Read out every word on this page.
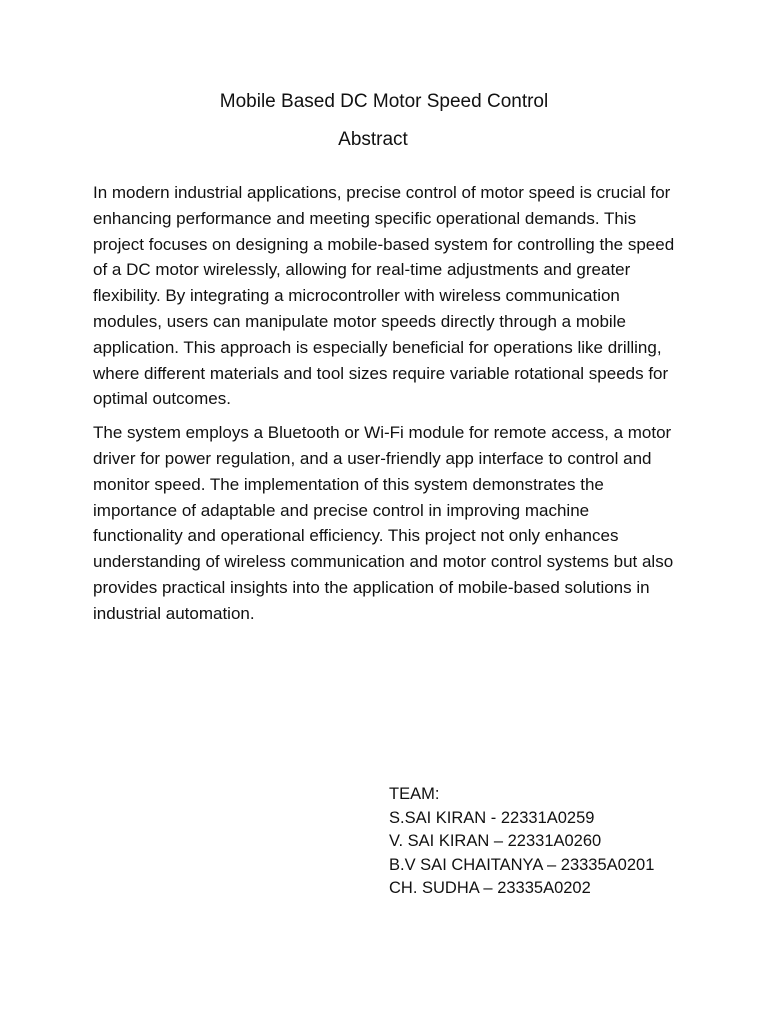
Mobile Based DC Motor Speed Control
Abstract

In modern industrial applications, precise control of motor speed is crucial for enhancing performance and meeting specific operational demands. This project focuses on designing a mobile-based system for controlling the speed of a DC motor wirelessly, allowing for real-time adjustments and greater flexibility. By integrating a microcontroller with wireless communication modules, users can manipulate motor speeds directly through a mobile application. This approach is especially beneficial for operations like drilling, where different materials and tool sizes require variable rotational speeds for optimal outcomes.

The system employs a Bluetooth or Wi-Fi module for remote access, a motor driver for power regulation, and a user-friendly app interface to control and monitor speed. The implementation of this system demonstrates the importance of adaptable and precise control in improving machine functionality and operational efficiency. This project not only enhances understanding of wireless communication and motor control systems but also provides practical insights into the application of mobile-based solutions in industrial automation.

TEAM:
S.SAI KIRAN - 22331A0259
V. SAI KIRAN – 22331A0260
B.V SAI CHAITANYA – 23335A0201
CH. SUDHA – 23335A0202
